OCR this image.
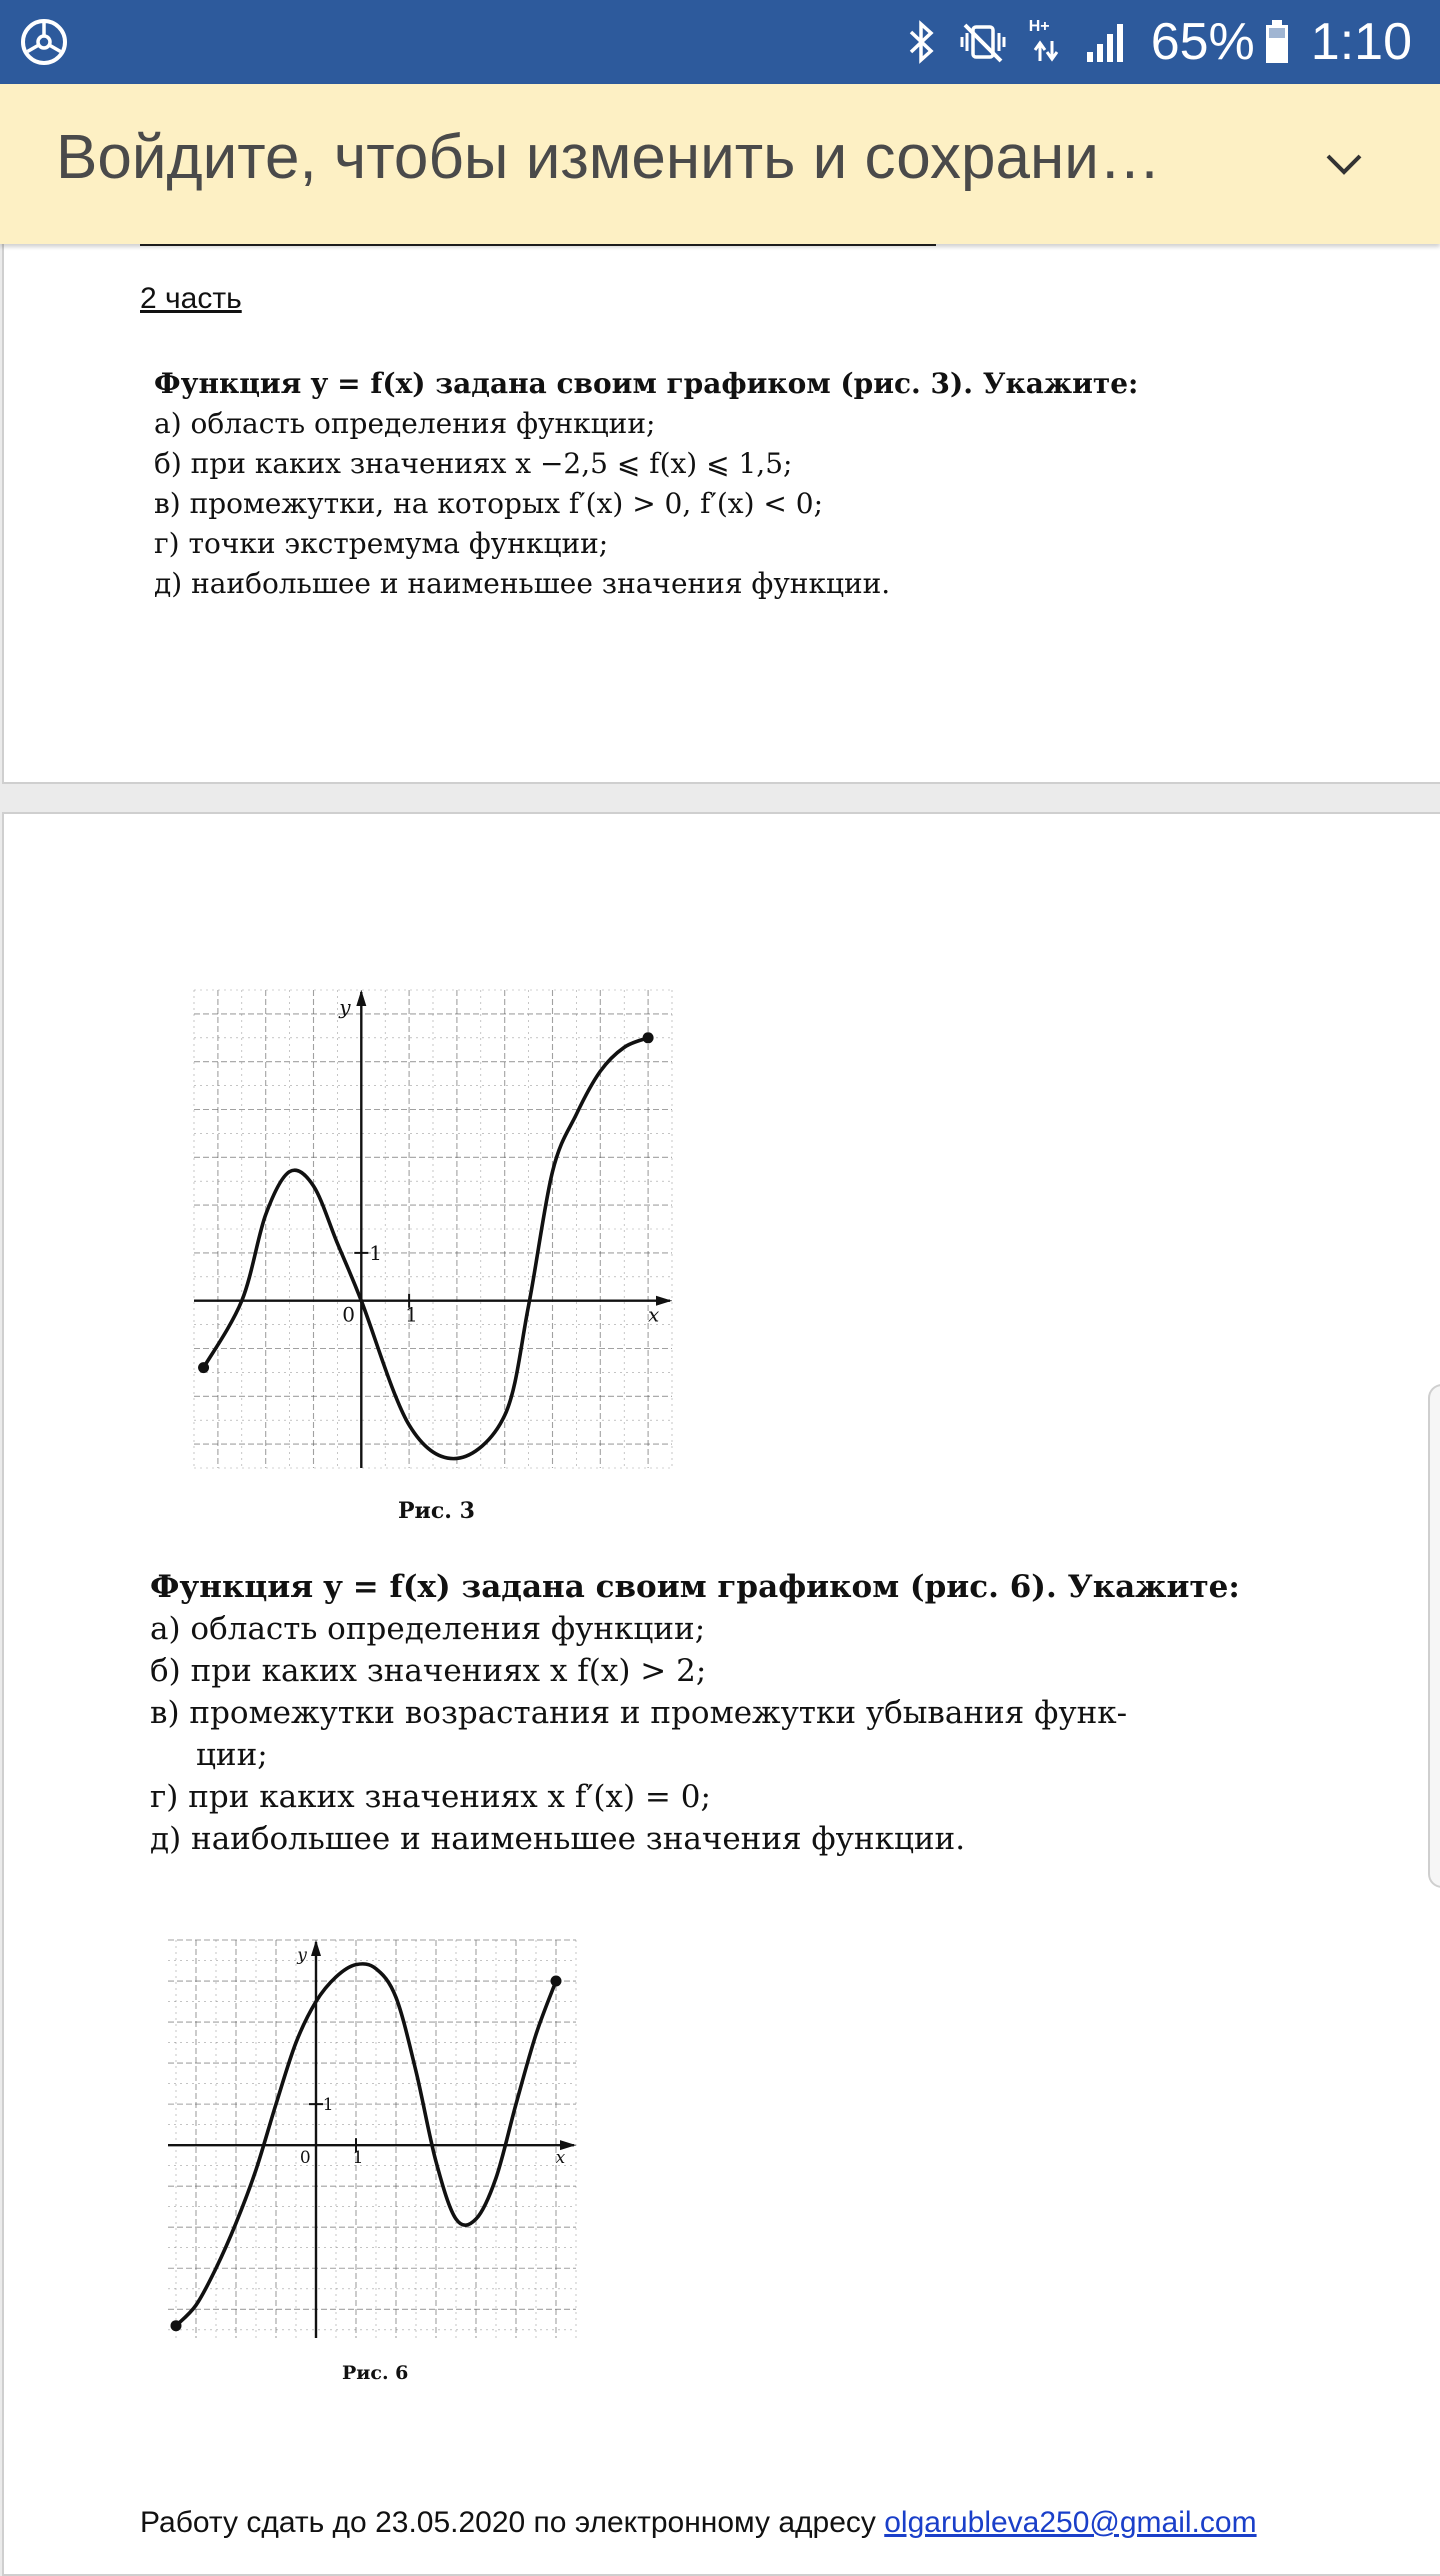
H+ 65% 1:10
Войдите, чтобы изменить и сохрани…
2 часть
Функция y = f(x) задана своим графиком (рис. 3). Укажите:
а) область определения функции;
б) при каких значениях x −2,5 ⩽ f(x) ⩽ 1,5;
в) промежутки, на которых f′(x) > 0, f′(x) < 0;
г) точки экстремума функции;
д) наибольшее и наименьшее значения функции.
0	1
1
x
y
Рис. 3
Функция y = f(x) задана своим графиком (рис. 6). Укажите:
а) область определения функции;
б) при каких значениях x f(x) > 2;
в) промежутки возрастания и промежутки убывания функ-
ции;
г) при каких значениях x f′(x) = 0;
д) наибольшее и наименьшее значения функции.
0 1
1
x
y
Рис. 6
Работу сдать до 23.05.2020 по электронному адресу olgarubleva250@gmail.com
